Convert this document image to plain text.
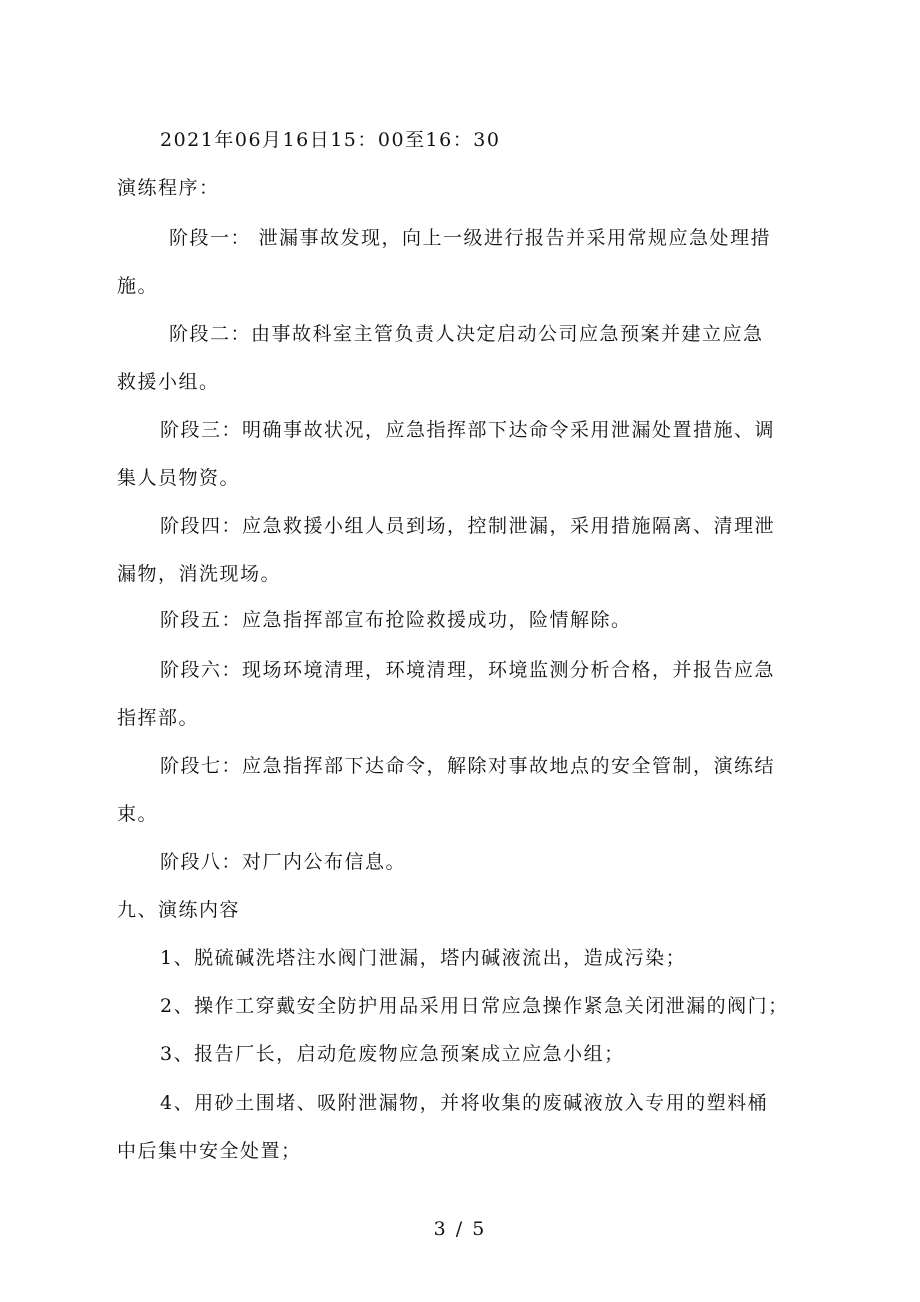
2021年06月16日15：00至16：30
演练程序：
阶段一： 泄漏事故发现，向上一级进行报告并采用常规应急处理措
施。
阶段二：由事故科室主管负责人决定启动公司应急预案并建立应急
救援小组。
阶段三：明确事故状况，应急指挥部下达命令采用泄漏处置措施、调
集人员物资。
阶段四：应急救援小组人员到场，控制泄漏，采用措施隔离、清理泄
漏物，消洗现场。
阶段五：应急指挥部宣布抢险救援成功，险情解除。
阶段六：现场环境清理，环境清理，环境监测分析合格，并报告应急
指挥部。
阶段七：应急指挥部下达命令，解除对事故地点的安全管制，演练结
束。
阶段八：对厂内公布信息。
九、演练内容
1、脱硫碱洗塔注水阀门泄漏，塔内碱液流出，造成污染；
2、操作工穿戴安全防护用品采用日常应急操作紧急关闭泄漏的阀门；
3、报告厂长，启动危废物应急预案成立应急小组；
4、用砂土围堵、吸附泄漏物，并将收集的废碱液放入专用的塑料桶
中后集中安全处置；
3 / 5
